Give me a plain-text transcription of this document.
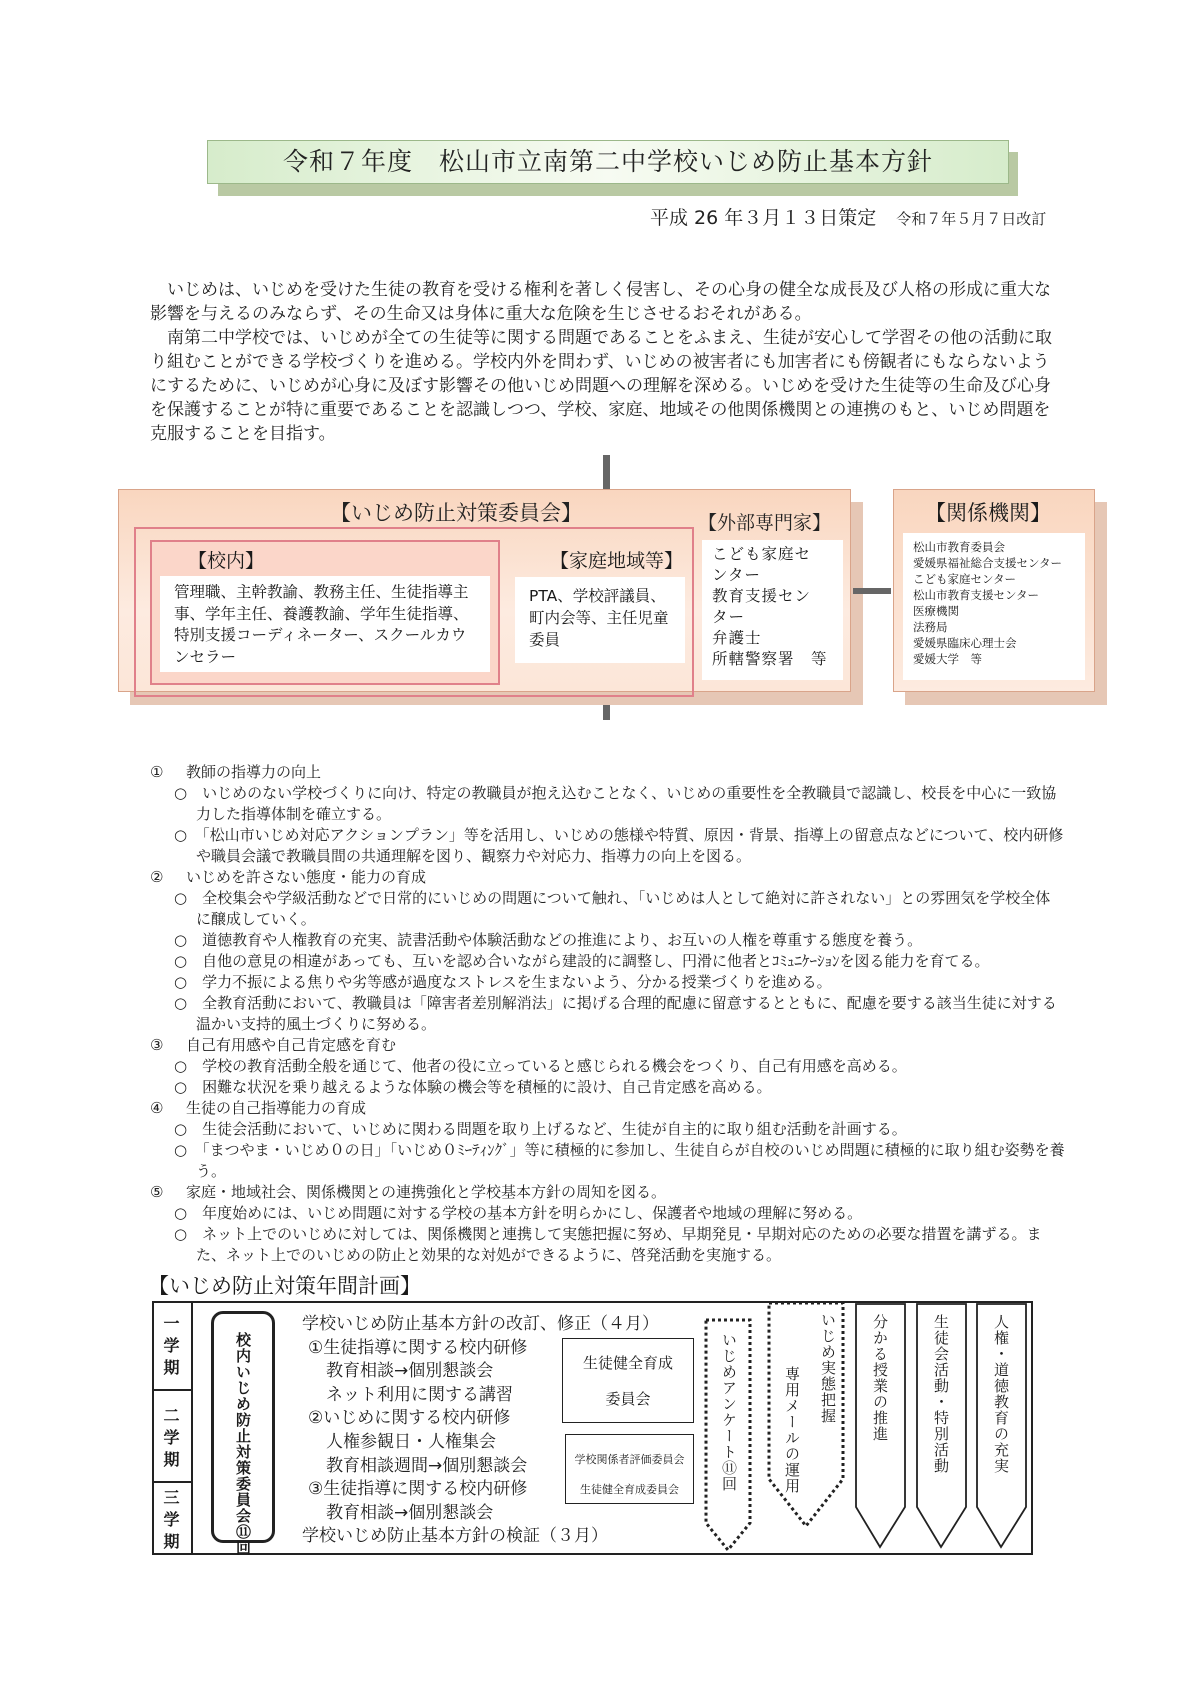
令和７年度　松山市立南第二中学校いじめ防止基本方針
平成 26 年３月１３日策定 令和７年５月７日改訂

いじめは、いじめを受けた生徒の教育を受ける権利を著しく侵害し、その心身の健全な成長及び人格の形成に重大な影響を与えるのみならず、その生命又は身体に重大な危険を生じさせるおそれがある。

南第二中学校では、いじめが全ての生徒等に関する問題であることをふまえ、生徒が安心して学習その他の活動に取り組むことができる学校づくりを進める。学校内外を問わず、いじめの被害者にも加害者にも傍観者にもならないようにするために、いじめが心身に及ぼす影響その他いじめ問題への理解を深める。いじめを受けた生徒等の生命及び心身を保護することが特に重要であることを認識しつつ、学校、家庭、地域その他関係機関との連携のもと、いじめ問題を克服することを目指す。

【いじめ防止対策委員会】
【校内】
管理職、主幹教諭、教務主任、生徒指導主事、学年主任、養護教諭、学年生徒指導、特別支援コーディネーター、スクールカウンセラー
【家庭地域等】
PTA、学校評議員、町内会等、主任児童委員
【外部専門家】
こども家庭セ
ンター
教育支援セン
ター
弁護士
所轄警察署　等
【関係機関】
松山市教育委員会
愛媛県福祉総合支援センター
こども家庭センター
松山市教育支援センター
医療機関
法務局
愛媛県臨床心理士会
愛媛大学　等

① 教師の指導力の向上

○　いじめのない学校づくりに向け、特定の教職員が抱え込むことなく、いじめの重要性を全教職員で認識し、校長を中心に一致協力した指導体制を確立する。

○　「松山市いじめ対応アクションプラン」等を活用し、いじめの態様や特質、原因・背景、指導上の留意点などについて、校内研修や職員会議で教職員間の共通理解を図り、観察力や対応力、指導力の向上を図る。

② いじめを許さない態度・能力の育成

○　全校集会や学級活動などで日常的にいじめの問題について触れ、「いじめは人として絶対に許されない」との雰囲気を学校全体に醸成していく。

○　道徳教育や人権教育の充実、読書活動や体験活動などの推進により、お互いの人権を尊重する態度を養う。

○　自他の意見の相違があっても、互いを認め合いながら建設的に調整し、円滑に他者とｺﾐｭﾆｹｰｼｮﾝを図る能力を育てる。

○　学力不振による焦りや劣等感が過度なストレスを生まないよう、分かる授業づくりを進める。

○　全教育活動において、教職員は「障害者差別解消法」に掲げる合理的配慮に留意するとともに、配慮を要する該当生徒に対する温かい支持的風土づくりに努める。

③ 自己有用感や自己肯定感を育む

○　学校の教育活動全般を通じて、他者の役に立っていると感じられる機会をつくり、自己有用感を高める。

○　困難な状況を乗り越えるような体験の機会等を積極的に設け、自己肯定感を高める。

④ 生徒の自己指導能力の育成

○　生徒会活動において、いじめに関わる問題を取り上げるなど、生徒が自主的に取り組む活動を計画する。

○　「まつやま・いじめ０の日」「いじめ０ﾐｰﾃｨﾝｸﾞ」等に積極的に参加し、生徒自らが自校のいじめ問題に積極的に取り組む姿勢を養う。

⑤ 家庭・地域社会、関係機関との連携強化と学校基本方針の周知を図る。

○　年度始めには、いじめ問題に対する学校の基本方針を明らかにし、保護者や地域の理解に努める。

○　ネット上でのいじめに対しては、関係機関と連携して実態把握に努め、早期発見・早期対応のための必要な措置を講ずる。また、ネット上でのいじめの防止と効果的な対処ができるように、啓発活動を実施する。

【いじめ防止対策年間計画】
一
学
期
二
学
期
三
学
期	校内いじめ防止対策委員会⑪回
学校いじめ防止基本方針の改訂、修正（４月）
①生徒指導に関する校内研修
教育相談→個別懇談会
ネット利用に関する講習
②いじめに関する校内研修
人権参観日・人権集会
教育相談週間→個別懇談会
③生徒指導に関する校内研修
教育相談→個別懇談会
学校いじめ防止基本方針の検証（３月）
生徒健全育成
委員会
学校関係者評価委員会
生徒健全育成委員会	いじめアンケート⑪回	いじめ実態把握
専用メールの運用	分かる授業の推進	生徒会活動・特別活動	人権・道徳教育の充実
